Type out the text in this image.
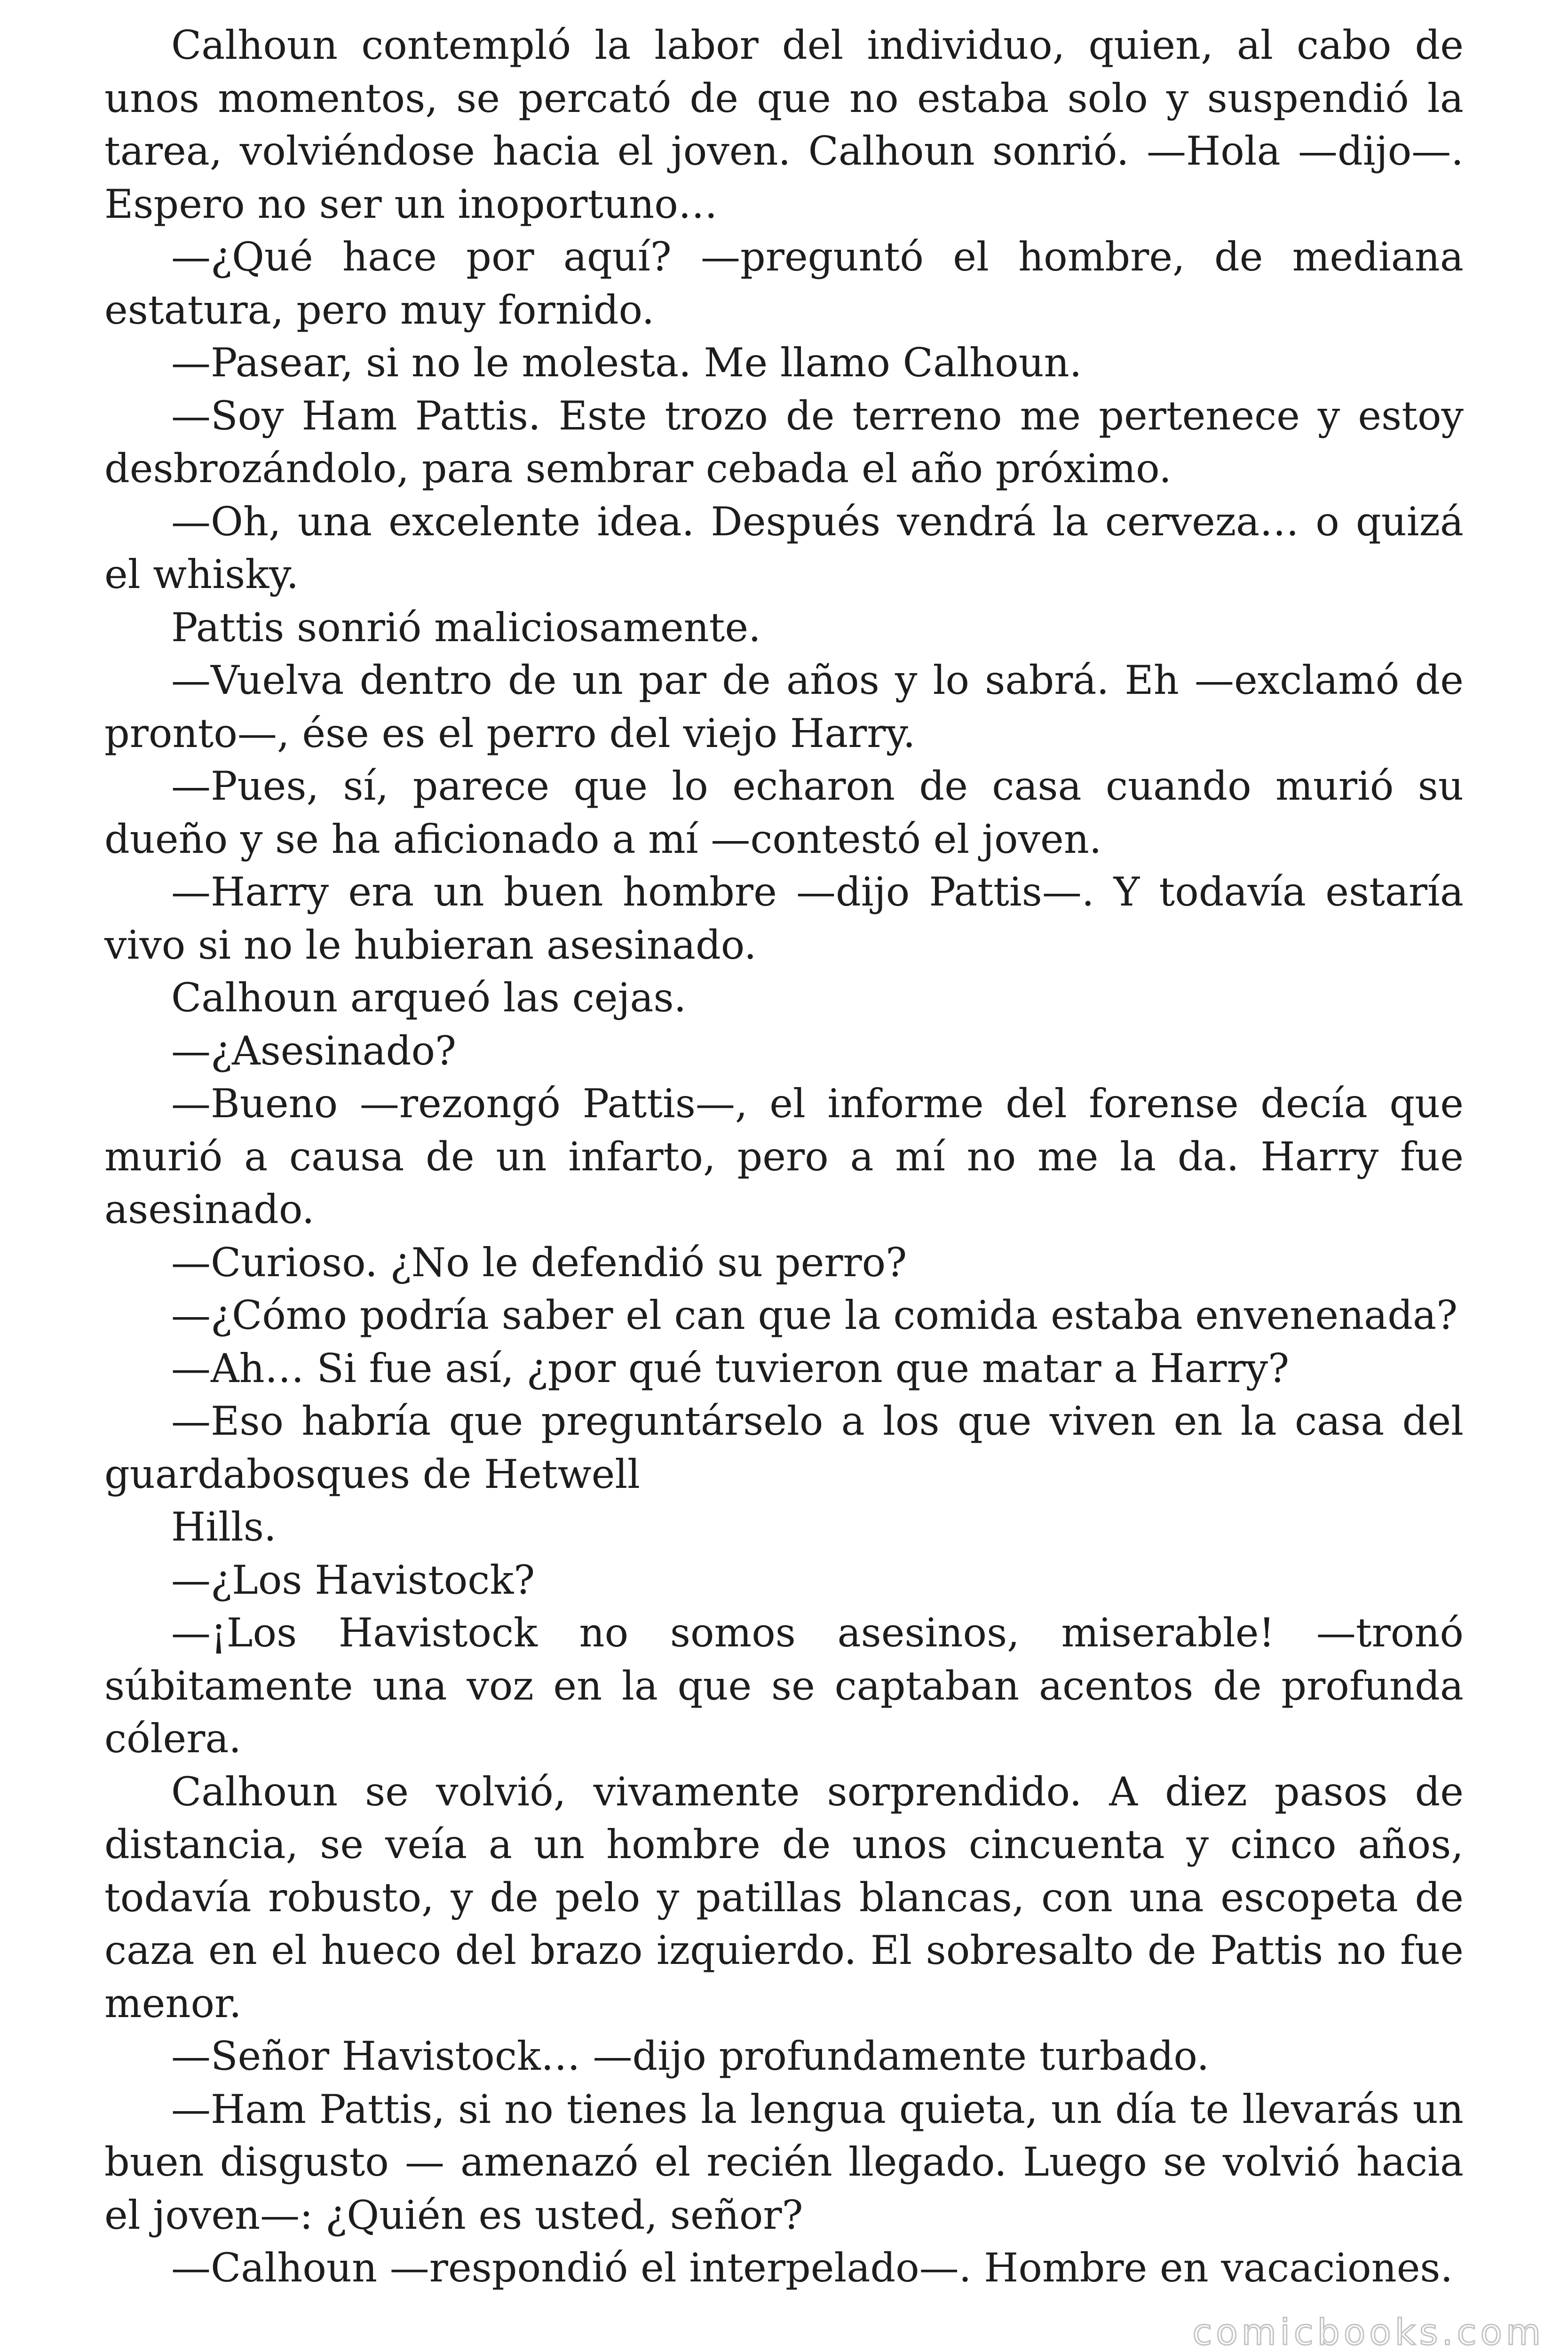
Calhoun contempló la labor del individuo, quien, al cabo de unos momentos, se percató de que no estaba solo y suspendió la tarea, volviéndose hacia el joven. Calhoun sonrió. —Hola —dijo—. Espero no ser un inoportuno…

—¿Qué hace por aquí? —preguntó el hombre, de mediana estatura, pero muy fornido.

—Pasear, si no le molesta. Me llamo Calhoun.

—Soy Ham Pattis. Este trozo de terreno me pertenece y estoy desbrozándolo, para sembrar cebada el año próximo.

—Oh, una excelente idea. Después vendrá la cerveza… o quizá el whisky.

Pattis sonrió maliciosamente.

—Vuelva dentro de un par de años y lo sabrá. Eh —exclamó de pronto—, ése es el perro del viejo Harry.

—Pues, sí, parece que lo echaron de casa cuando murió su dueño y se ha aficionado a mí —contestó el joven.

—Harry era un buen hombre —dijo Pattis—. Y todavía estaría vivo si no le hubieran asesinado.

Calhoun arqueó las cejas.

—¿Asesinado?

—Bueno —rezongó Pattis—, el informe del forense decía que murió a causa de un infarto, pero a mí no me la da. Harry fue asesinado.

—Curioso. ¿No le defendió su perro?

—¿Cómo podría saber el can que la comida estaba envenenada?

—Ah… Si fue así, ¿por qué tuvieron que matar a Harry?

—Eso habría que preguntárselo a los que viven en la casa del guardabosques de Hetwell

Hills.

—¿Los Havistock?

—¡Los Havistock no somos asesinos, miserable! —tronó súbitamente una voz en la que se captaban acentos de profunda cólera.

Calhoun se volvió, vivamente sorprendido. A diez pasos de distancia, se veía a un hombre de unos cincuenta y cinco años, todavía robusto, y de pelo y patillas blancas, con una escopeta de caza en el hueco del brazo izquierdo. El sobresalto de Pattis no fue menor.

—Señor Havistock… —dijo profundamente turbado.

—Ham Pattis, si no tienes la lengua quieta, un día te llevarás un buen disgusto — amenazó el recién llegado. Luego se volvió hacia el joven—: ¿Quién es usted, señor?

—Calhoun —respondió el interpelado—. Hombre en vacaciones.

comicbooks.com
